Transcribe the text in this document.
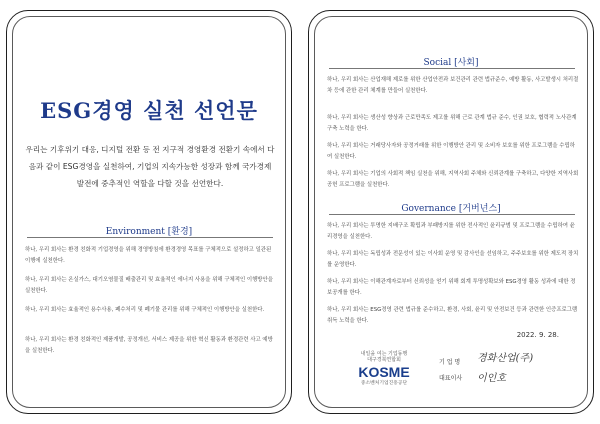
ESG경영 실천 선언문
우리는 기후위기 대응, 디지털 전환 등 전 지구적 경영환경 전환기 속에서 다음과 같이 ESG경영을 실천하여, 기업의 지속가능한 성장과 함께 국가경제 발전에 중추적인 역할을 다할 것을 선언한다.
Environment [환경]
하나, 우리 회사는 환경 친화적 기업경영을 위해 경영방침에 환경경영 목표를 구체적으로 설정하고 일관된 이행에 실천한다.
하나, 우리 회사는 온실가스, 대기오염물질 배출관리 및 효율적인 에너지 사용을 위해 구체적인 이행방안을 실천한다.
하나, 우리 회사는 효율적인 용수사용, 폐수처리 및 폐기물 관리를 위해 구체적인 이행방안을 실천한다.
하나, 우리 회사는 환경 친화적인 제품개발, 공정개선, 서비스 제공을 위한 혁신 활동과 환경관련 사고 예방을 실천한다.
Social [사회]
하나, 우리 회사는 산업재해 제로를 위한 산업안전과 보건관리 관련 법규준수, 예방 활동, 사고발생시 처리절차 등에 관한 관리 체계를 만들어 실천한다.
하나, 우리 회사는 생산성 향상과 근로만족도 제고를 위해 근로 관계 법규 준수, 인권 보호, 협력적 노사관계 구축 노력을 한다.
하나, 우리 회사는 거래당사자와 공정거래를 위한 이행방안 관리 및 소비자 보호를 위한 프로그램을 수립하여 실천한다.
하나, 우리 회사는 기업의 사회적 책임 실천을 위해, 지역사회 주체와 신뢰관계를 구축하고, 다양한 지역사회 공헌 프로그램을 실천한다.
Governance [거버넌스]
하나, 우리 회사는 투명한 지배구조 확립과 부패방지를 위한 전사적인 윤리규범 및 프로그램을 수립하여 윤리경영을 실천한다.
하나, 우리 회사는 독립성과 전문성이 있는 이사회 운영 및 감사인을 선임하고, 주주보호를 위한 제도적 장치를 운영한다.
하나, 우리 회사는 이해관계자로부터 신뢰성을 얻기 위해 회계 투명성확보와 ESG경영 활동 성과에 대한 정보공개를 한다.
하나, 우리 회사는 ESG경영 관련 법규를 준수하고, 환경, 사회, 윤리 및 안전보건 등과 관련한 인증프로그램 취득 노력을 한다.
2022. 9. 28.
내일을 여는 기업동행
대구경북연합회
KOSME
중소벤처기업진흥공단
기 업 명
대표이사
경화산업(주)
이인호
